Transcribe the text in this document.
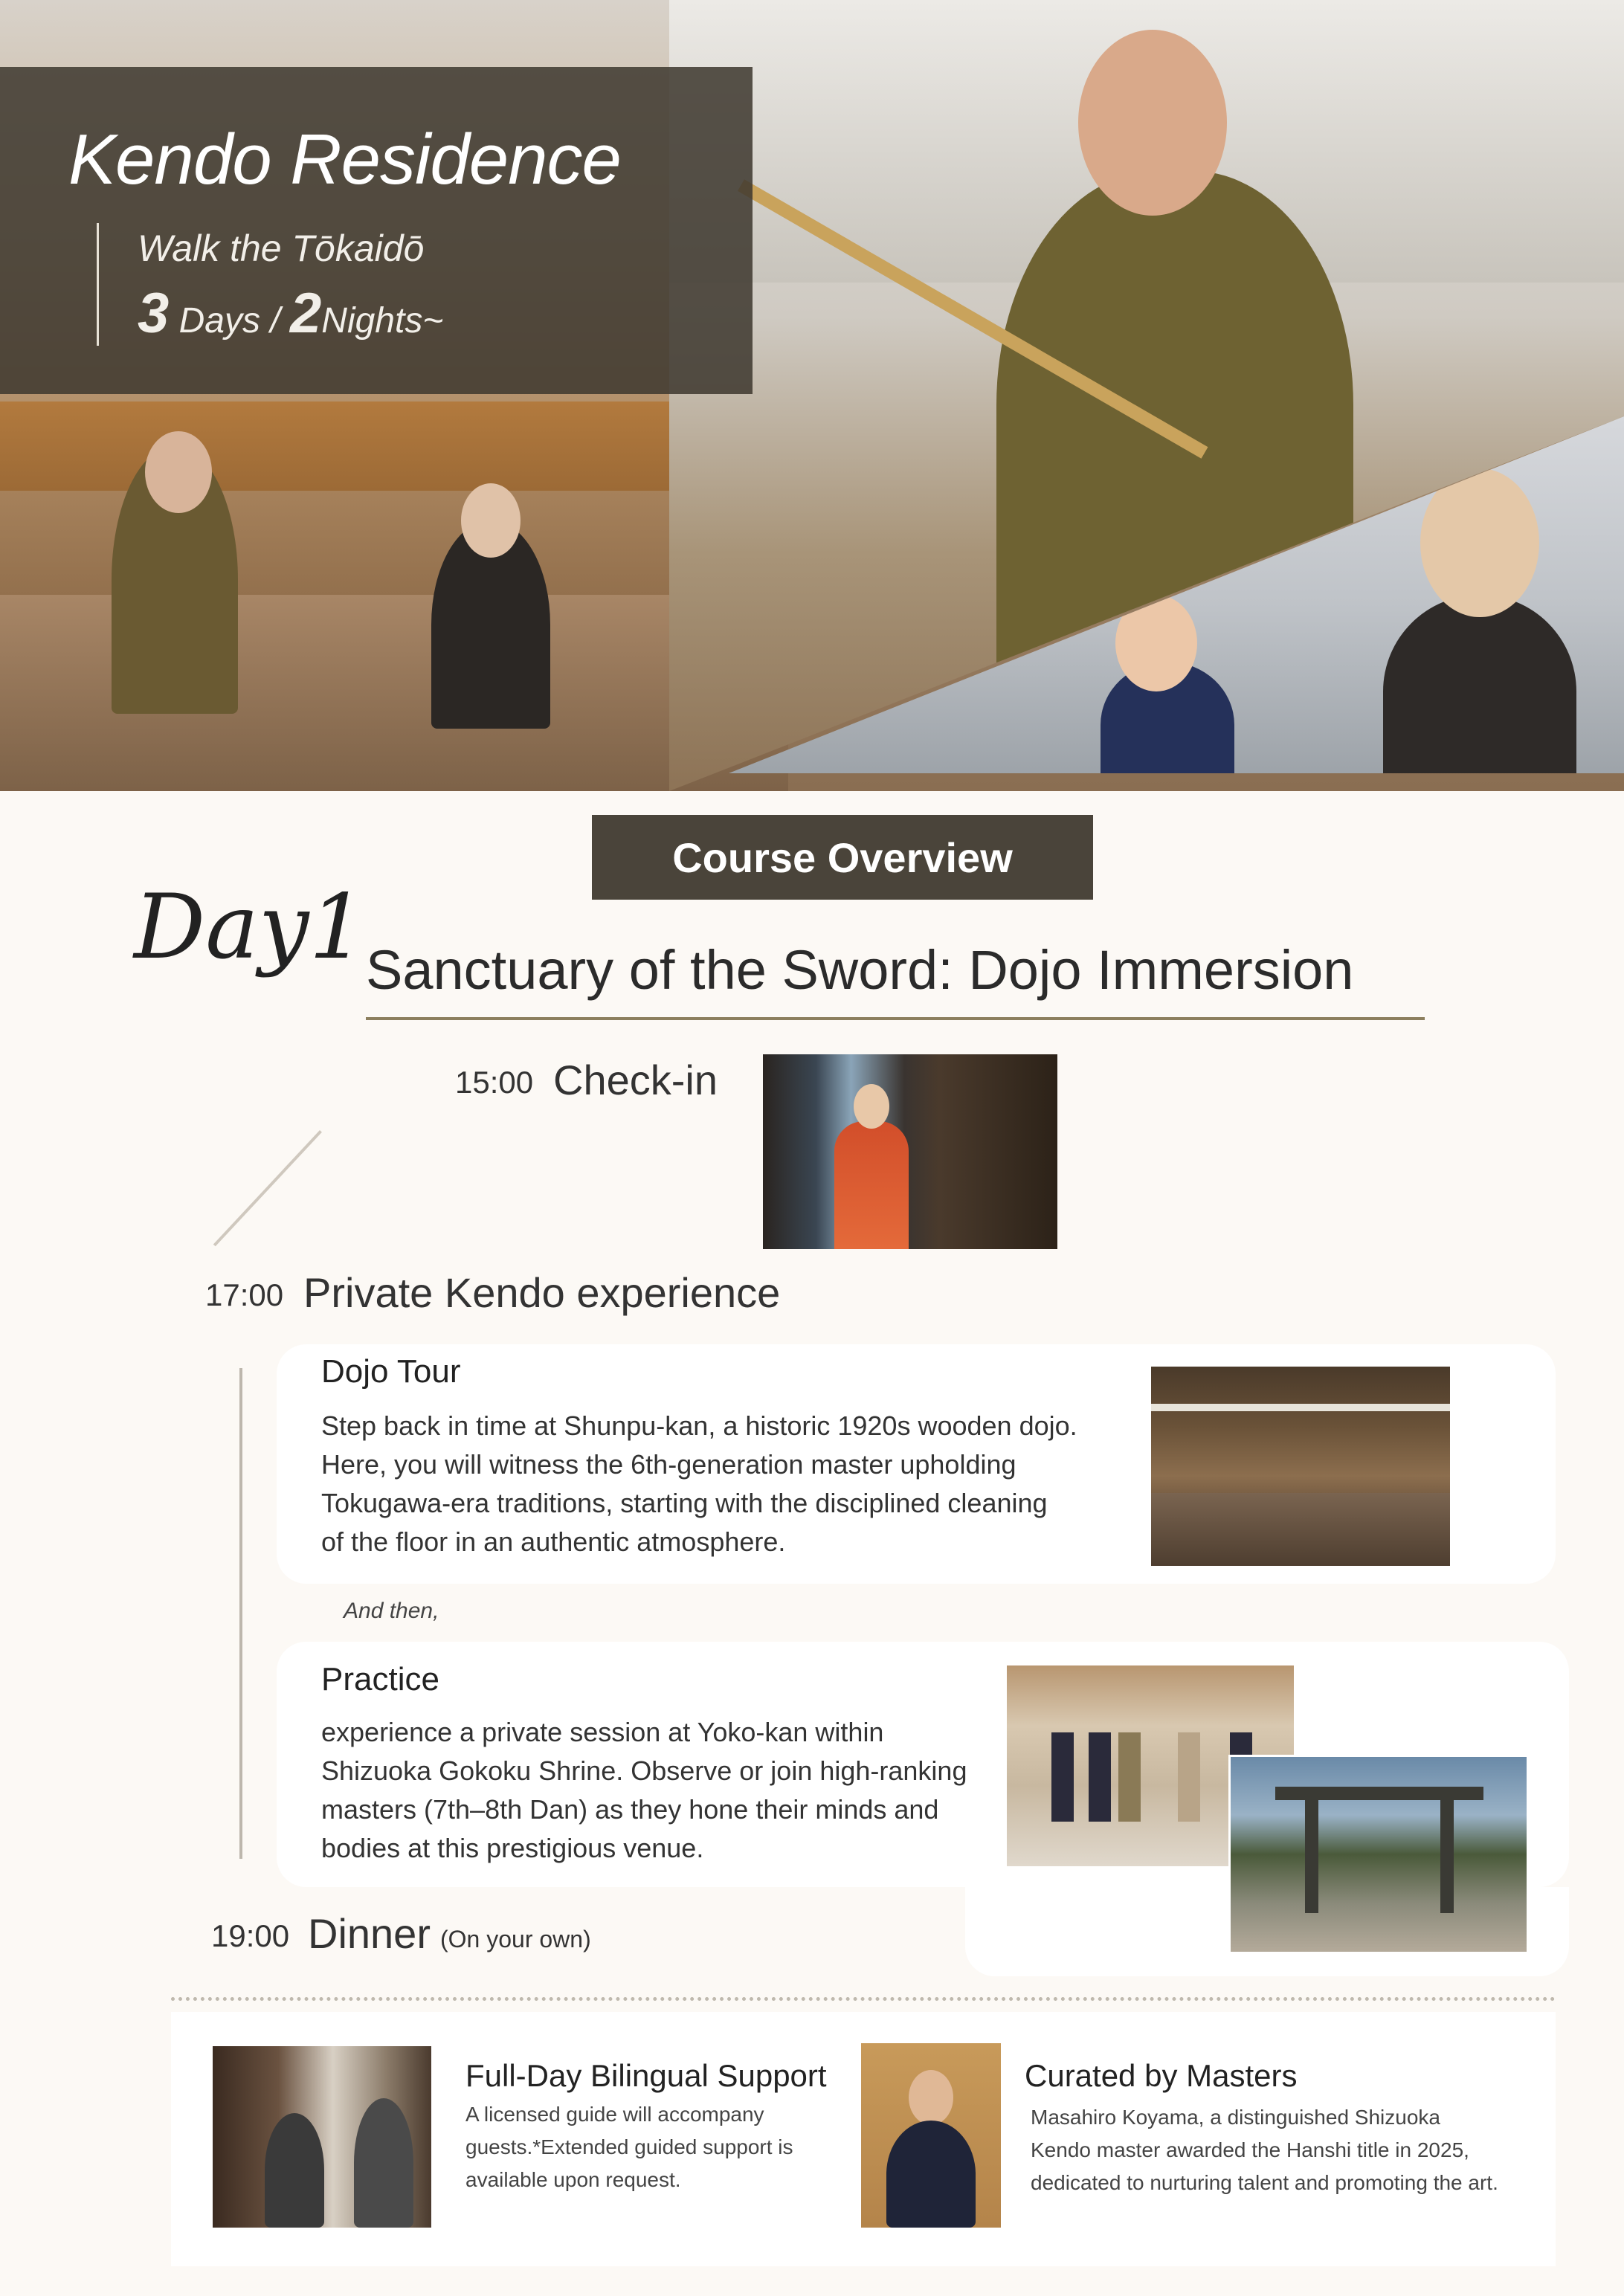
Kendo Residence
Walk the Tōkaidō
3 Days / 2Nights~
Course Overview
Day1 Sanctuary of the Sword: Dojo Immersion
15:00 Check-in
17:00 Private Kendo experience
Dojo Tour
Step back in time at Shunpu-kan, a historic 1920s wooden dojo.
Here, you will witness the 6th-generation master upholding
Tokugawa-era traditions, starting with the disciplined cleaning
of the floor in an authentic atmosphere.
And then,
Practice
experience a private session at Yoko-kan within
Shizuoka Gokoku Shrine. Observe or join high-ranking
masters (7th–8th Dan) as they hone their minds and
bodies at this prestigious venue.
19:00 Dinner (On your own)
Full-Day Bilingual Support
A licensed guide will accompany
guests.*Extended guided support is
available upon request.
Curated by Masters
Masahiro Koyama, a distinguished Shizuoka
Kendo master awarded the Hanshi title in 2025,
dedicated to nurturing talent and promoting the art.
